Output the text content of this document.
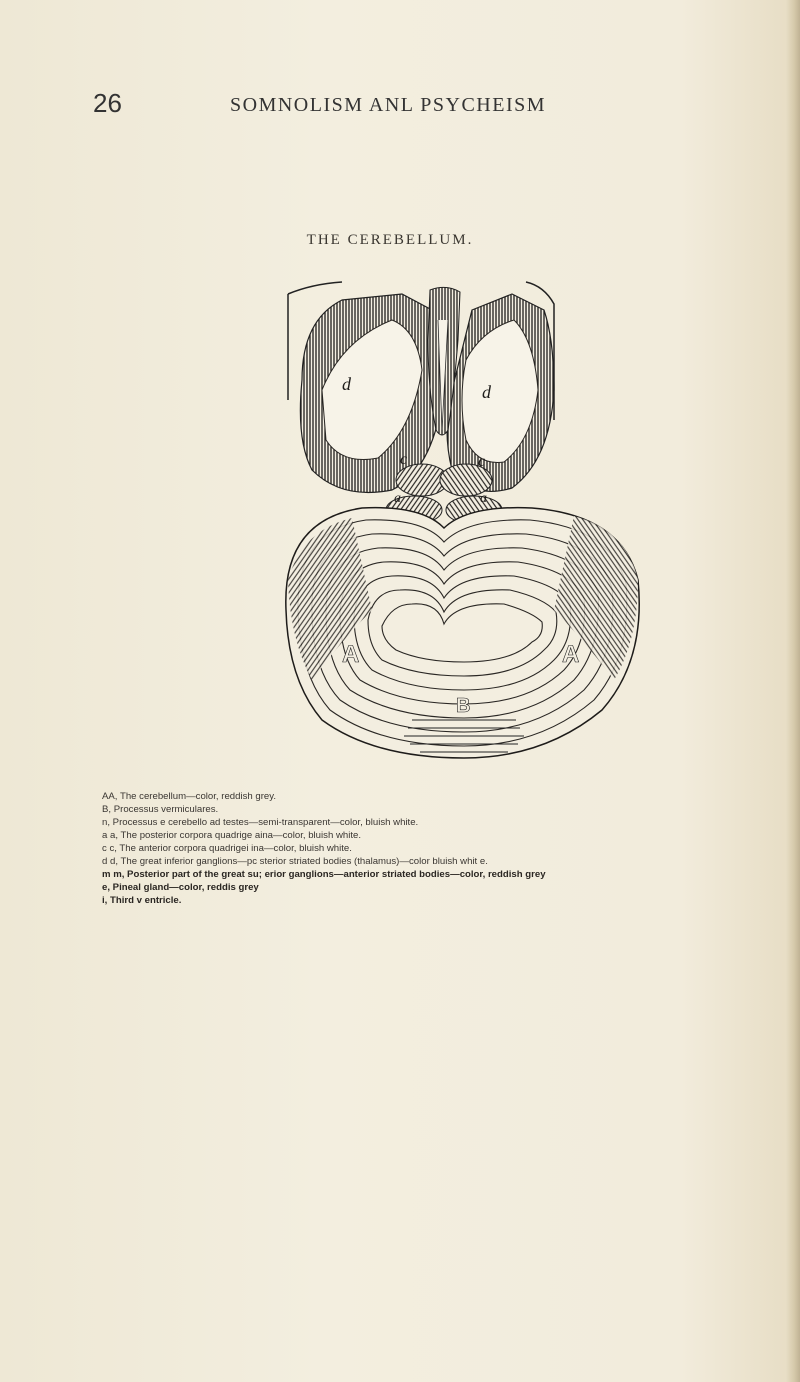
26	SOMNOLISM ANL PSYCHEISM
THE CEREBELLUM.
d	d
c	c
a	a
A	A
B
AA, The cerebellum—color, reddish grey.
B, Processus vermiculares.
n, Processus e cerebello ad testes—semi-transparent—color, bluish white.
a a, The posterior corpora quadrige aina—color, bluish white.
c c, The anterior corpora quadrigei ina—color, bluish white.
d d, The great inferior ganglions—pc sterior striated bodies (thalamus)—color bluish whit e.
m m, Posterior part of the great su; erior ganglions—anterior striated bodies—color, reddish grey
e, Pineal gland—color, reddis grey
i, Third v entricle.
